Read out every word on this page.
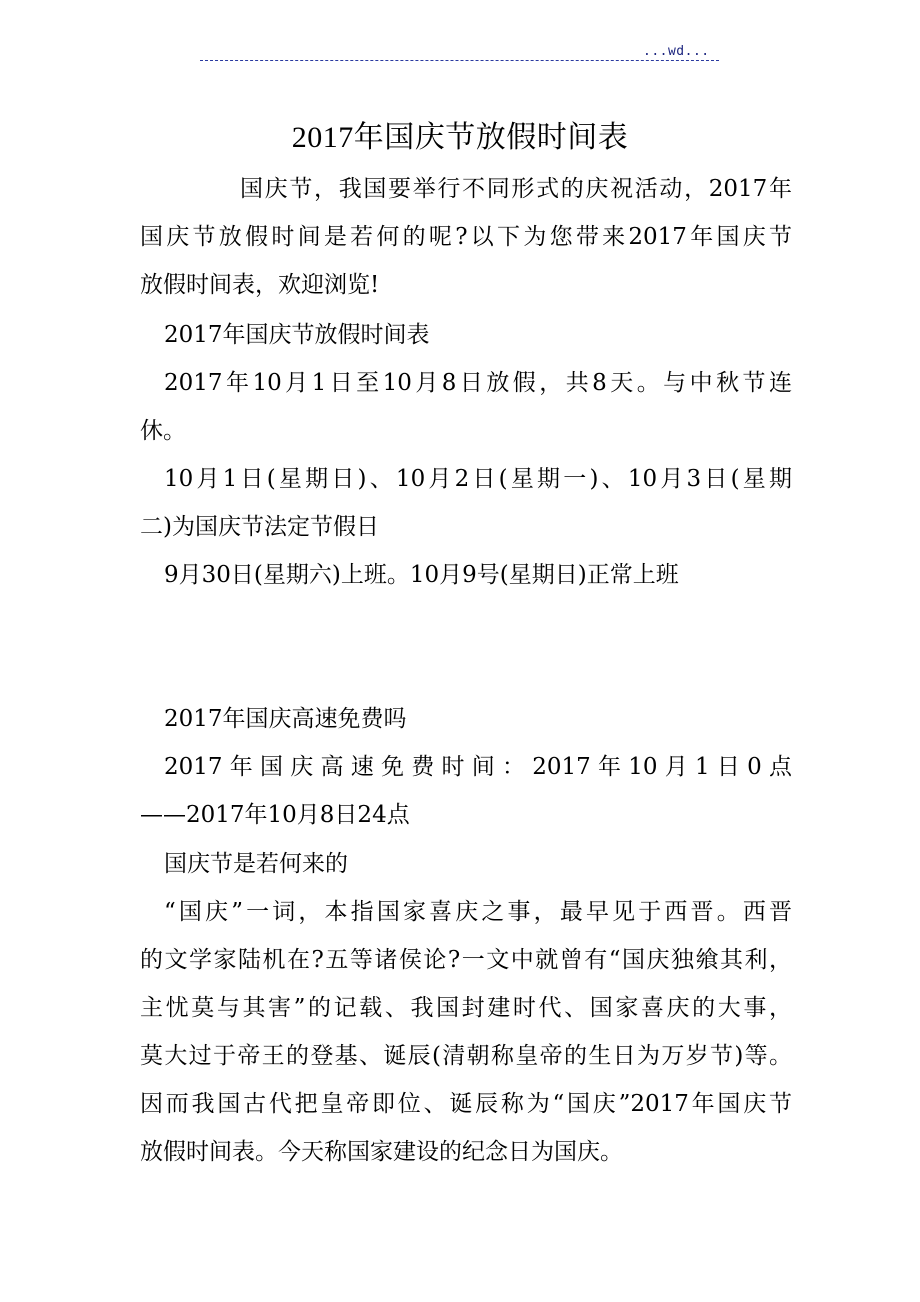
...wd...
2017年国庆节放假时间表
国庆节，我国要举行不同形式的庆祝活动，2017年
国庆节放假时间是若何的呢?以下为您带来2017年国庆节
放假时间表，欢迎浏览!
2017年国庆节放假时间表
2017年10月1日至10月8日放假，共8天。与中秋节连
休。
10月1日(星期日)、10月2日(星期一)、10月3日(星期
二)为国庆节法定节假日
9月30日(星期六)上班。10月9号(星期日)正常上班
2017年国庆高速免费吗
2017年国庆高速免费时间：2017年10月1日0点
——2017年10月8日24点
国庆节是若何来的
“国庆”一词，本指国家喜庆之事，最早见于西晋。西晋
的文学家陆机在?五等诸侯论?一文中就曾有“国庆独飨其利，
主忧莫与其害”的记载、我国封建时代、国家喜庆的大事，
莫大过于帝王的登基、诞辰(清朝称皇帝的生日为万岁节)等。
因而我国古代把皇帝即位、诞辰称为“国庆”2017年国庆节
放假时间表。今天称国家建设的纪念日为国庆。
